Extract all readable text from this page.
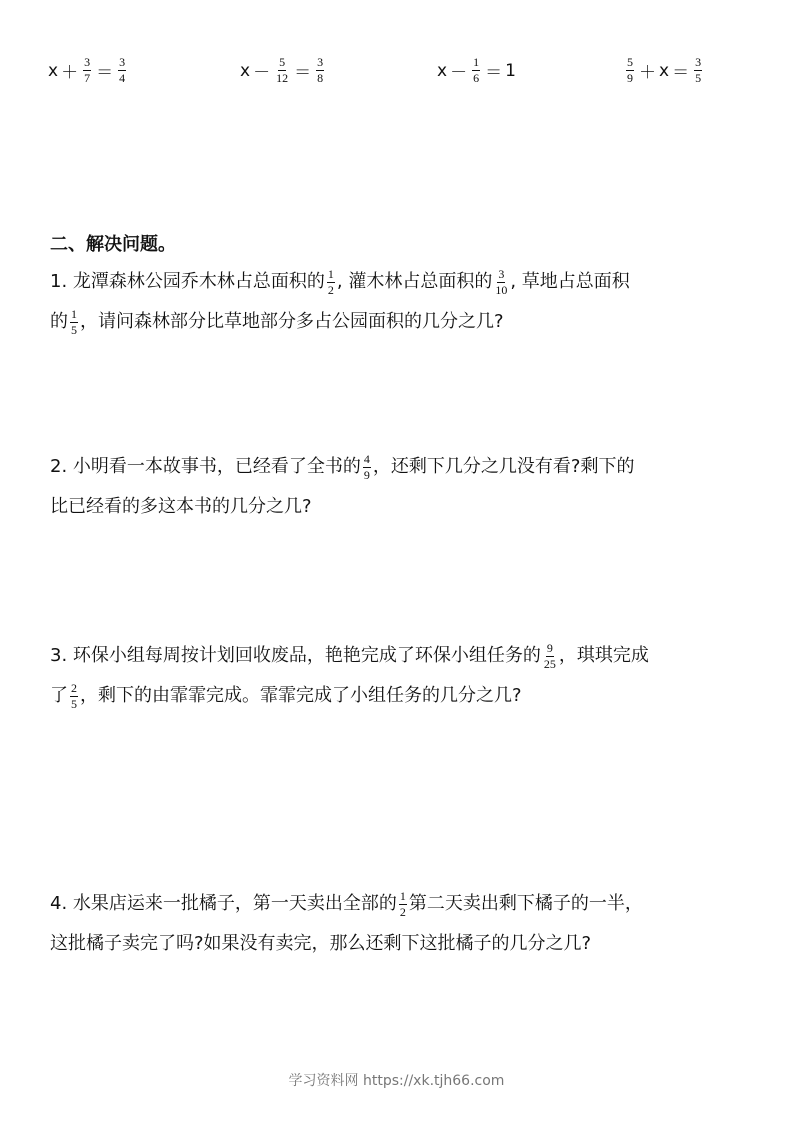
$x + \frac{3}{7} = \frac{3}{4}$	$x - \frac{5}{12} = \frac{3}{8}$	$x - \frac{1}{6} = 1$	$\frac{5}{9} + x = \frac{3}{5}$
二、解决问题。
1. 龙潭森林公园乔木林占总面积的 $\frac{1}{2}$ , 灌木林占总面积的 $\frac{3}{10}$ , 草地占总面积
的 $\frac{1}{5}$ ，请问森林部分比草地部分多占公园面积的几分之几?
2. 小明看一本故事书，已经看了全书的 $\frac{4}{9}$ ，还剩下几分之几没有看?剩下的
比已经看的多这本书的几分之几?
3. 环保小组每周按计划回收废品，艳艳完成了环保小组任务的 $\frac{9}{25}$ ，琪琪完成
了 $\frac{2}{5}$ ，剩下的由霏霏完成。霏霏完成了小组任务的几分之几?
4. 水果店运来一批橘子，第一天卖出全部的 $\frac{1}{2}$ 第二天卖出剩下橘子的一半，
这批橘子卖完了吗?如果没有卖完，那么还剩下这批橘子的几分之几?
学习资料网 https://xk.tjh66.com
